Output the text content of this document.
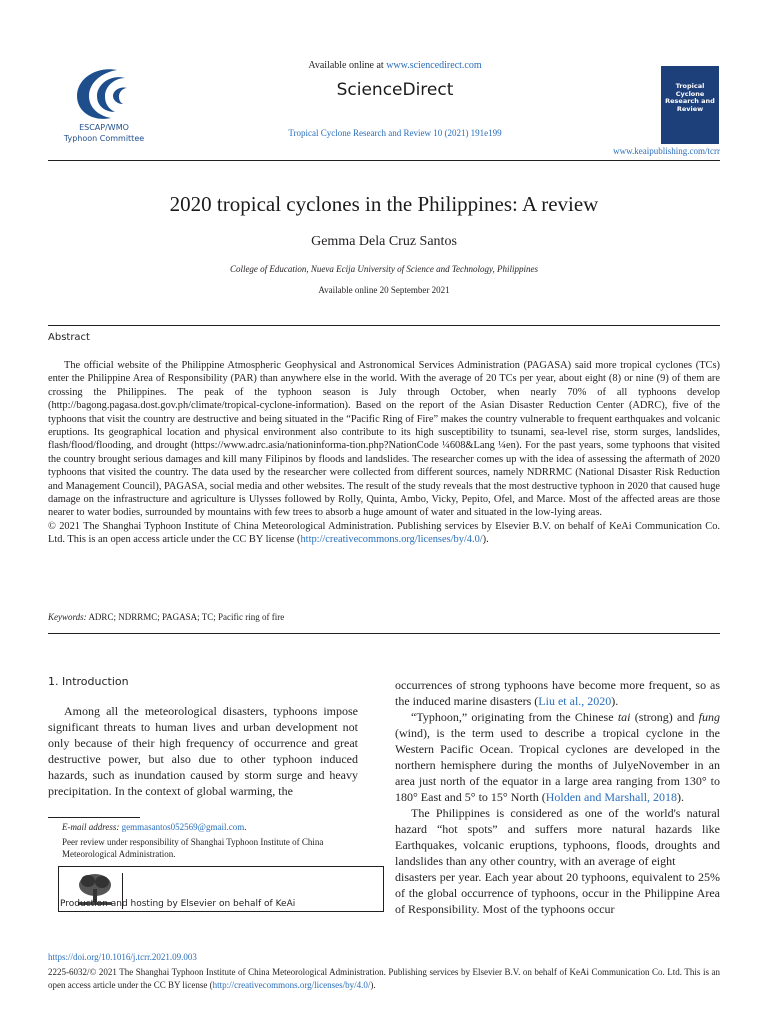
ESCAP/WMO
Typhoon Committee
Available online at www.sciencedirect.com
ScienceDirect
Tropical Cyclone Research and Review 10 (2021) 191e199
Tropical Cyclone Research and Review
www.keaipublishing.com/tcrr
2020 tropical cyclones in the Philippines: A review
Gemma Dela Cruz Santos
College of Education, Nueva Ecija University of Science and Technology, Philippines
Available online 20 September 2021
Abstract

The official website of the Philippine Atmospheric Geophysical and Astronomical Services Administration (PAGASA) said more tropical cyclones (TCs) enter the Philippine Area of Responsibility (PAR) than anywhere else in the world. With the average of 20 TCs per year, about eight (8) or nine (9) of them are crossing the Philippines. The peak of the typhoon season is July through October, when nearly 70% of all typhoons develop (http://bagong.pagasa.dost.gov.ph/climate/tropical-cyclone-information). Based on the report of the Asian Disaster Reduction Center (ADRC), five of the typhoons that visit the country are destructive and being situated in the “Pacific Ring of Fire” makes the country vulnerable to frequent earthquakes and volcanic eruptions. Its geographical location and physical environment also contribute to its high susceptibility to tsunami, sea-level rise, storm surges, landslides, flash/flood/flooding, and drought (https://www.adrc.asia/nationinforma-tion.php?NationCode ¼608&Lang ¼en). For the past years, some typhoons that visited the country brought serious damages and kill many Filipinos by floods and landslides. The researcher comes up with the idea of assessing the aftermath of 2020 typhoons that visited the country. The data used by the researcher were collected from different sources, namely NDRRMC (National Disaster Risk Reduction and Management Council), PAGASA, social media and other websites. The result of the study reveals that the most destructive typhoon in 2020 that caused huge damage on the infrastructure and agriculture is Ulysses followed by Rolly, Quinta, Ambo, Vicky, Pepito, Ofel, and Marce. Most of the affected areas are those nearer to water bodies, surrounded by mountains with few trees to absorb a huge amount of water and situated in the low-lying areas.

© 2021 The Shanghai Typhoon Institute of China Meteorological Administration. Publishing services by Elsevier B.V. on behalf of KeAi Communication Co. Ltd. This is an open access article under the CC BY license (http://creativecommons.org/licenses/by/4.0/).

Keywords: ADRC; NDRRMC; PAGASA; TC; Pacific ring of fire
1. Introduction

Among all the meteorological disasters, typhoons impose significant threats to human lives and urban development not only because of their high frequency of occurrence and great destructive power, but also due to other typhoon induced hazards, such as inundation caused by storm surge and heavy precipitation. In the context of global warming, the

occurrences of strong typhoons have become more frequent, so as the induced marine disasters (Liu et al., 2020).

“Typhoon,” originating from the Chinese tai (strong) and fung (wind), is the term used to describe a tropical cyclone in the Western Pacific Ocean. Tropical cyclones are developed in the northern hemisphere during the months of JulyeNovember in an area just north of the equator in a large area ranging from 130° to 180° East and 5° to 15° North (Holden and Marshall, 2018).

The Philippines is considered as one of the world's natural hazard “hot spots” and suffers more natural hazards like Earthquakes, volcanic eruptions, typhoons, floods, droughts and landslides than any other country, with an average of eight

disasters per year. Each year about 20 typhoons, equivalent to 25% of the global occurrence of typhoons, occur in the Philippine Area of Responsibility. Most of the typhoons occur

E-mail address: gemmasantos052569@gmail.com.
Peer review under responsibility of Shanghai Typhoon Institute of China Meteorological Administration.
Production and hosting by Elsevier on behalf of KeAi
https://doi.org/10.1016/j.tcrr.2021.09.003
2225-6032/© 2021 The Shanghai Typhoon Institute of China Meteorological Administration. Publishing services by Elsevier B.V. on behalf of KeAi Communication Co. Ltd. This is an open access article under the CC BY license (http://creativecommons.org/licenses/by/4.0/).
